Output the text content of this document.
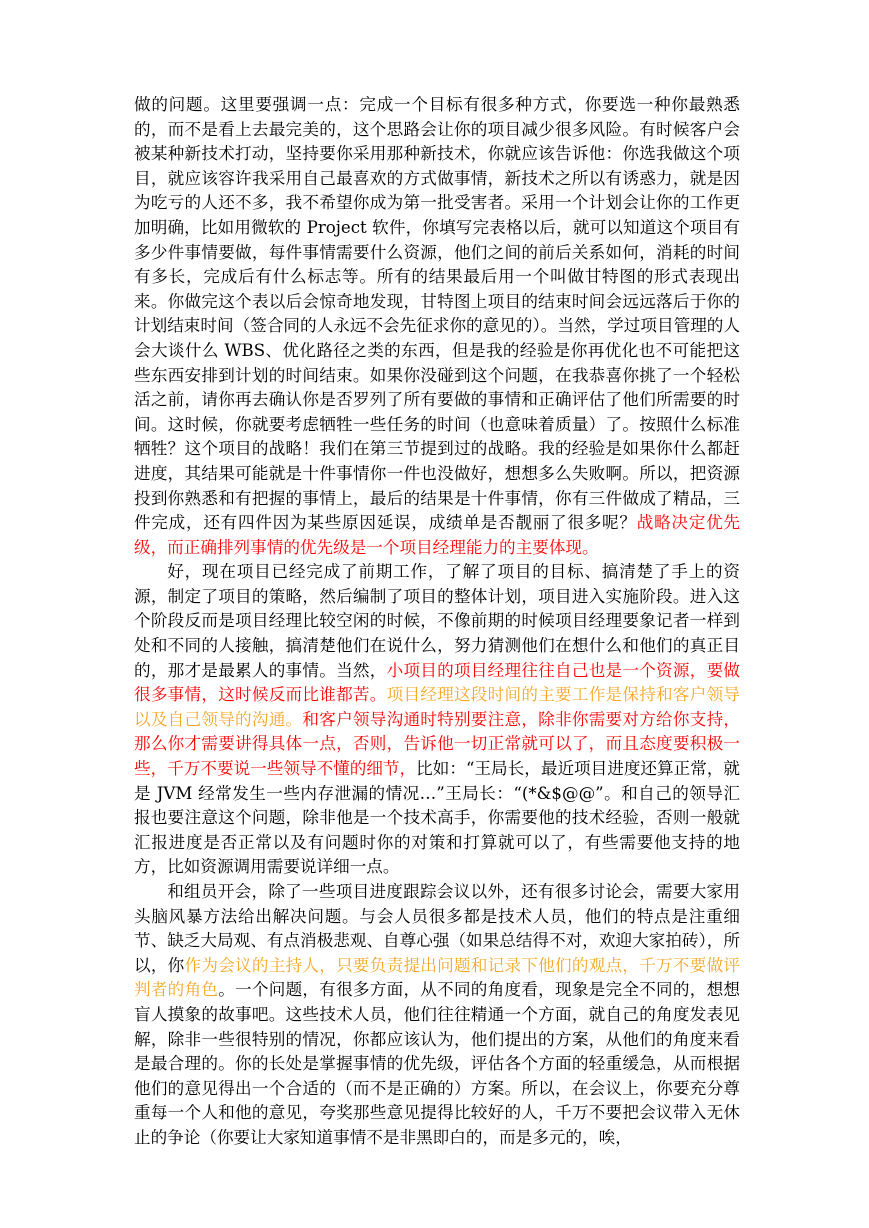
做的问题。这里要强调一点：完成一个目标有很多种方式，你要选一种你最熟悉的，而不是看上去最完美的，这个思路会让你的项目减少很多风险。有时候客户会被某种新技术打动，坚持要你采用那种新技术，你就应该告诉他：你选我做这个项目，就应该容许我采用自己最喜欢的方式做事情，新技术之所以有诱惑力，就是因为吃亏的人还不多，我不希望你成为第一批受害者。采用一个计划会让你的工作更加明确，比如用微软的 Project 软件，你填写完表格以后，就可以知道这个项目有多少件事情要做，每件事情需要什么资源，他们之间的前后关系如何，消耗的时间有多长，完成后有什么标志等。所有的结果最后用一个叫做甘特图的形式表现出来。你做完这个表以后会惊奇地发现，甘特图上项目的结束时间会远远落后于你的计划结束时间（签合同的人永远不会先征求你的意见的）。当然，学过项目管理的人会大谈什么 WBS、优化路径之类的东西，但是我的经验是你再优化也不可能把这些东西安排到计划的时间结束。如果你没碰到这个问题，在我恭喜你挑了一个轻松活之前，请你再去确认你是否罗列了所有要做的事情和正确评估了他们所需要的时间。这时候，你就要考虑牺牲一些任务的时间（也意味着质量）了。按照什么标准牺牲？这个项目的战略！我们在第三节提到过的战略。我的经验是如果你什么都赶进度，其结果可能就是十件事情你一件也没做好，想想多么失败啊。所以，把资源投到你熟悉和有把握的事情上，最后的结果是十件事情，你有三件做成了精品，三件完成，还有四件因为某些原因延误，成绩单是否靓丽了很多呢？战略决定优先级，而正确排列事情的优先级是一个项目经理能力的主要体现。

好，现在项目已经完成了前期工作，了解了项目的目标、搞清楚了手上的资源，制定了项目的策略，然后编制了项目的整体计划，项目进入实施阶段。进入这个阶段反而是项目经理比较空闲的时候，不像前期的时候项目经理要象记者一样到处和不同的人接触，搞清楚他们在说什么，努力猜测他们在想什么和他们的真正目的，那才是最累人的事情。当然，小项目的项目经理往往自己也是一个资源，要做很多事情，这时候反而比谁都苦。项目经理这段时间的主要工作是保持和客户领导以及自己领导的沟通。和客户领导沟通时特别要注意，除非你需要对方给你支持，那么你才需要讲得具体一点，否则，告诉他一切正常就可以了，而且态度要积极一些，千万不要说一些领导不懂的细节，比如：“王局长，最近项目进度还算正常，就是 JVM 经常发生一些内存泄漏的情况…”王局长：“(*&$@@”。和自己的领导汇报也要注意这个问题，除非他是一个技术高手，你需要他的技术经验，否则一般就汇报进度是否正常以及有问题时你的对策和打算就可以了，有些需要他支持的地方，比如资源调用需要说详细一点。

和组员开会，除了一些项目进度跟踪会议以外，还有很多讨论会，需要大家用头脑风暴方法给出解决问题。与会人员很多都是技术人员，他们的特点是注重细节、缺乏大局观、有点消极悲观、自尊心强（如果总结得不对，欢迎大家拍砖），所以，你作为会议的主持人，只要负责提出问题和记录下他们的观点，千万不要做评判者的角色。一个问题，有很多方面，从不同的角度看，现象是完全不同的，想想盲人摸象的故事吧。这些技术人员，他们往往精通一个方面，就自己的角度发表见解，除非一些很特别的情况，你都应该认为，他们提出的方案，从他们的角度来看是最合理的。你的长处是掌握事情的优先级，评估各个方面的轻重缓急，从而根据他们的意见得出一个合适的（而不是正确的）方案。所以，在会议上，你要充分尊重每一个人和他的意见，夸奖那些意见提得比较好的人，千万不要把会议带入无休止的争论（你要让大家知道事情不是非黑即白的，而是多元的，唉，
